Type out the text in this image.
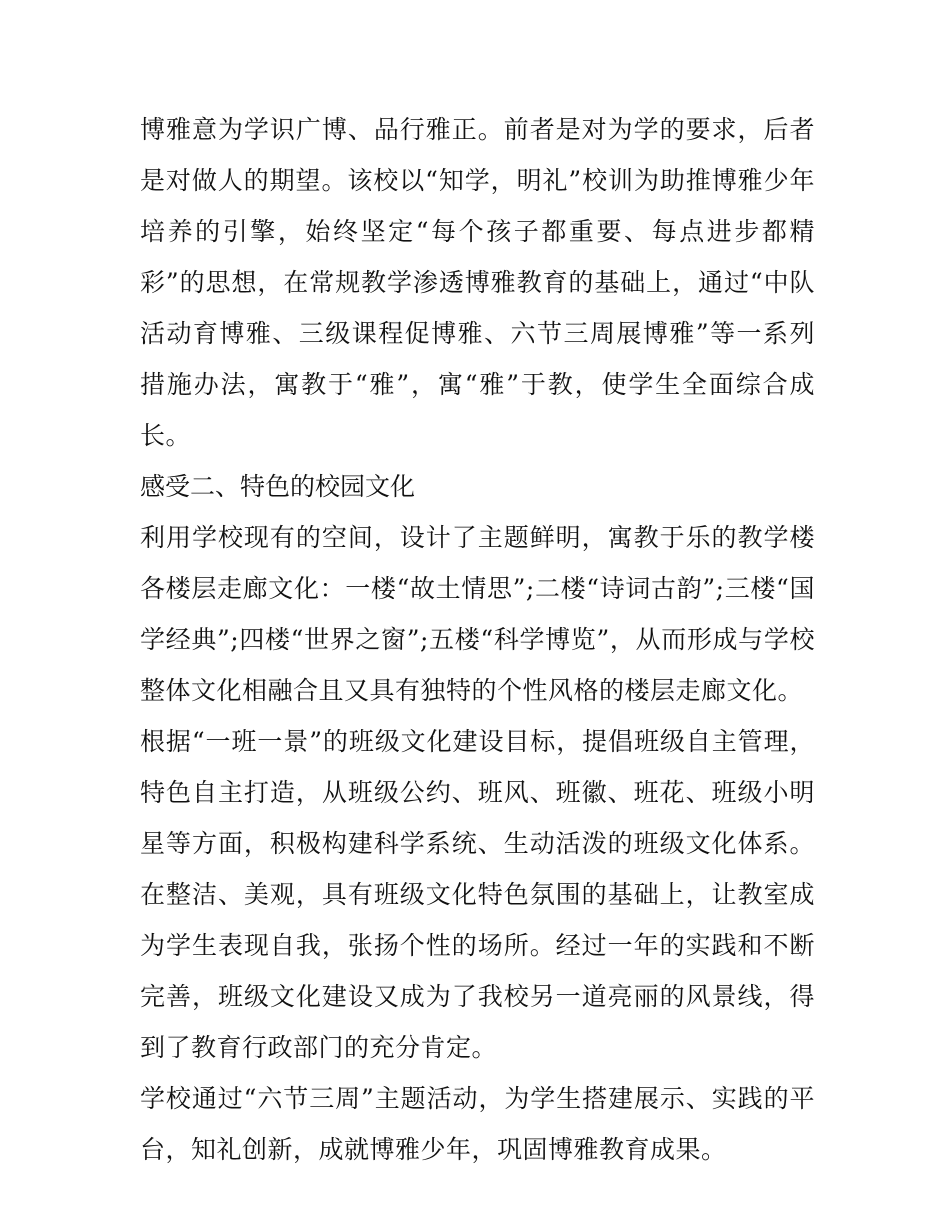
博雅意为学识广博、品行雅正。前者是对为学的要求，后者是对做人的期望。该校以“知学，明礼”校训为助推博雅少年培养的引擎，始终坚定“每个孩子都重要、每点进步都精彩”的思想，在常规教学渗透博雅教育的基础上，通过“中队活动育博雅、三级课程促博雅、六节三周展博雅”等一系列措施办法，寓教于“雅”，寓“雅”于教，使学生全面综合成长。

感受二、特色的校园文化

利用学校现有的空间，设计了主题鲜明，寓教于乐的教学楼各楼层走廊文化：一楼“故土情思”;二楼“诗词古韵”;三楼“国学经典”;四楼“世界之窗”;五楼“科学博览”，从而形成与学校整体文化相融合且又具有独特的个性风格的楼层走廊文化。

根据“一班一景”的班级文化建设目标，提倡班级自主管理，特色自主打造，从班级公约、班风、班徽、班花、班级小明星等方面，积极构建科学系统、生动活泼的班级文化体系。在整洁、美观，具有班级文化特色氛围的基础上，让教室成为学生表现自我，张扬个性的场所。经过一年的实践和不断完善，班级文化建设又成为了我校另一道亮丽的风景线，得到了教育行政部门的充分肯定。

学校通过“六节三周”主题活动，为学生搭建展示、实践的平台，知礼创新，成就博雅少年，巩固博雅教育成果。
